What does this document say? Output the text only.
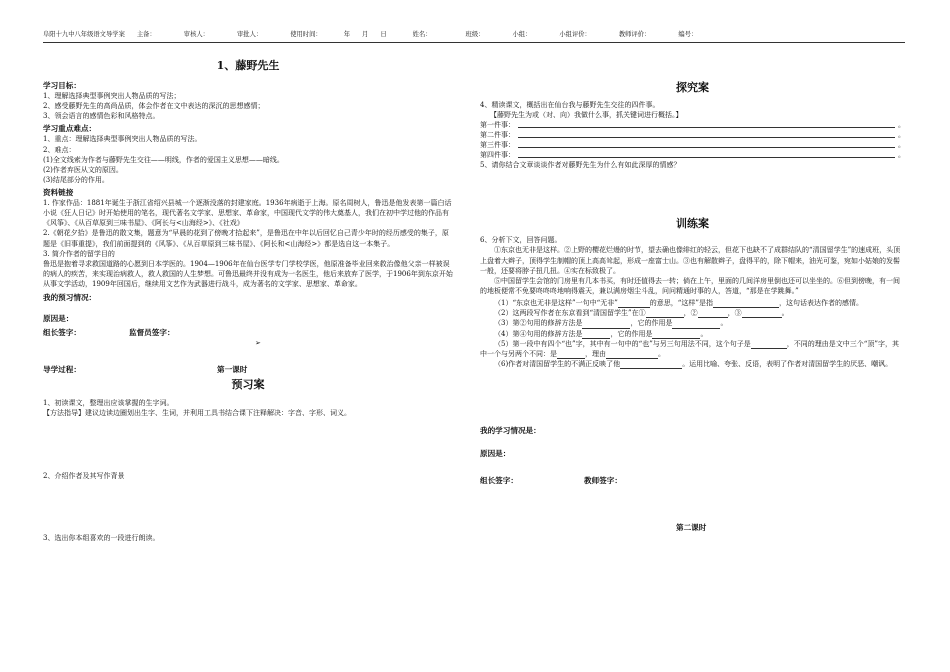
阜阳十九中八年级语文导学案 主备：	审核人：	审批人：	使用时间：	年 月 日	姓名：	班级：	小组：	小组评价：	教师评价：	编号：
1、藤野先生
学习目标：

1、理解选择典型事例突出人物品质的写法；

2、感受藤野先生的高尚品质，体会作者在文中表达的深沉的思想感情；

3、领会语言的感情色彩和风格特点。

学习重点难点：

1、重点：理解选择典型事例突出人物品质的写法。

2、难点：

(1)全文线索为作者与藤野先生交往——明线，作者的爱国主义思想——暗线。

(2)作者弃医从文的原因。

(3)结尾部分的作用。

资料链接

1. 作家作品：1881年诞生于浙江省绍兴县城一个逐渐没落的封建家庭。1936年病逝于上海。原名周树人，鲁迅是他发表第一篇白话小说《狂人日记》时开始使用的笔名，现代著名文学家、思想家、革命家，中国现代文学的伟大奠基人，我们在初中学过他的作品有《风筝》、《从百草原到三味书屋》、《阿长与<山海经>》、《社戏》

2.《朝花夕拾》是鲁迅的散文集，题意为“早晨的花到了傍晚才拾起来”，是鲁迅在中年以后回忆自己青少年时的经历感受的集子，原题是《旧事重提》，我们前面提到的《风筝》、《从百草原到三味书屋》、《阿长和<山海经>》都是选自这一本集子。

3. 简介作者的留学目的

鲁迅是抱着寻求救国道路的心愿到日本学医的。1904—1906年在仙台医学专门学校学医，他原准备毕业回来救治像他父亲一样被误的病人的疾苦，来实现治病救人，救人救国的人生梦想。可鲁迅最终并没有成为一名医生，他后来放弃了医学，于1906年到东京开始从事文学活动，1909年回国后，继续用文艺作为武器进行战斗，成为著名的文学家、思想家、革命家。

我的预习情况：
原因是：
组长签字：	监督员签字：
➢
导学过程：	第一课时
预习案

1、初读课文，整理出应该掌握的生字词。

【方法指导】建议边读边圈划出生字、生词，并利用工具书结合课下注释解决：字音、字形、词义。

2、介绍作者及其写作背景

3、选出你本组喜欢的一段进行朗读。

探究案

4、精读课文，概括出在仙台我与藤野先生交往的四件事。

【藤野先生为或（对、向）我做什么事，抓关键词进行概括。】

第一件事：	。
第二件事：	。
第三件事：	。
第四件事：	。

5、请你结合文章谈谈作者对藤野先生为什么有如此深厚的情感？

训练案

6、分析下文，回答问题。

①东京也无非是这样。②上野的樱花烂熳的时节，望去确也像绯红的轻云，但花下也缺不了成群结队的“清国留学生”的速成班，头顶上盘着大辫子，顶得学生制帽的顶上高高耸起，形成一座富士山。③也有解散辫子，盘得平的，除下帽来，油光可鉴，宛如小姑娘的发髻一般，还要将脖子扭几扭。④实在标致极了。

⑤中国留学生会馆的门房里有几本书买，有时还值得去一转；倘在上午，里面的几间洋房里倒也还可以坐坐的。⑥但到傍晚，有一间的地板便常不免要咚咚咚地响得震天，兼以满房烟尘斗乱，问问精通时事的人，答道，“那是在学跳舞。”

（1）“东京也无非是这样”一句中“无非”	的意思，“这样”是指	，这句话表达作者的感情。

（2）这两段写作者在东京看到“清国留学生”在①	，②	，③	。

（3）第②句用的修辞方法是	，它的作用是	。

（4）第④句用的修辞方法是	，它的作用是	。

（5）第一段中有四个“也”字，其中有一句中的“也”与另三句用法不同，这个句子是	，不同的理由是文中三个“顶”字，其中一个与另两个不同：是	，理由	。

（6)作者对清国留学生的不满正反映了他	。运用比喻、夸张、反语，表明了作者对清国留学生的厌恶、嘲讽。

我的学习情况是：
原因是：
组长签字：	教师签字：
第二课时
